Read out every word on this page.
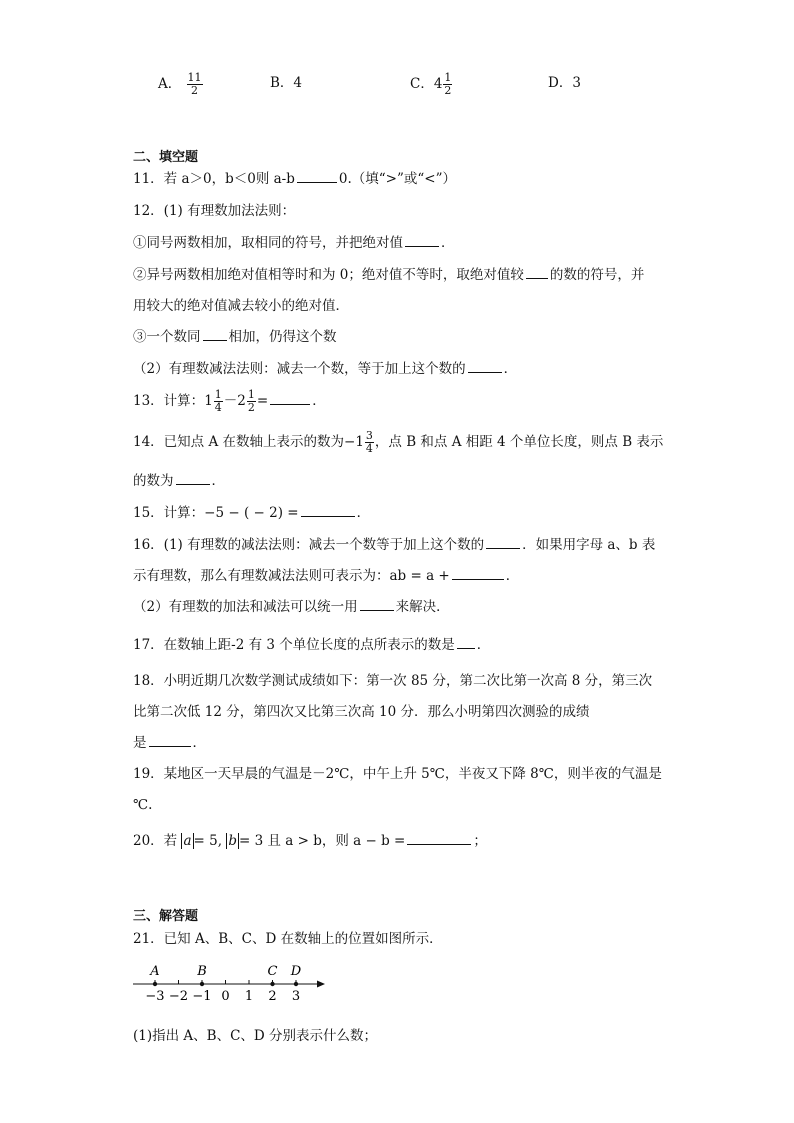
A． $\frac{11}{2}$	B．4	C．$4 \frac{1}{2}$	D．3
二、填空题
11．若 a＞0，b＜0则 a-b	0.（填“>”或“<”）
12．(1) 有理数加法法则：
①同号两数相加，取相同的符号，并把绝对值	．
②异号两数相加绝对值相等时和为 0；绝对值不等时，取绝对值较 的数的符号，并
用较大的绝对值减去较小的绝对值．
③一个数同 相加，仍得这个数
（2）有理数减法法则：减去一个数，等于加上这个数的	．
13．计算：$1 \frac{1}{4} -2 \frac{1}{2}$ =	．
14．已知点 A 在数轴上表示的数为$-1 \frac{3}{4}$ ，点 B 和点 A 相距 4 个单位长度，则点 B 表示
的数为	．
15．计算：−5 − ( − 2) =	．
16．(1) 有理数的减法法则：减去一个数等于加上这个数的	．如果用字母 a、b 表
示有理数，那么有理数减法法则可表示为：ab = a +	．
（2）有理数的加法和减法可以统一用	来解决．
17．在数轴上距-2 有 3 个单位长度的点所表示的数是 ．
18．小明近期几次数学测试成绩如下：第一次 85 分，第二次比第一次高 8 分，第三次
比第二次低 12 分，第四次又比第三次高 10 分．那么小明第四次测验的成绩
是	．
19．某地区一天早晨的气温是－2℃，中午上升 5℃，半夜又下降 8℃，则半夜的气温是
℃.
20．若 a = 5, b = 3 且 a > b，则 a − b =	；
三、解答题
21．已知 A、B、C、D 在数轴上的位置如图所示．
−3 −2 −1 0 1 2 3
A	B	C D
(1)指出 A、B、C、D 分别表示什么数；
